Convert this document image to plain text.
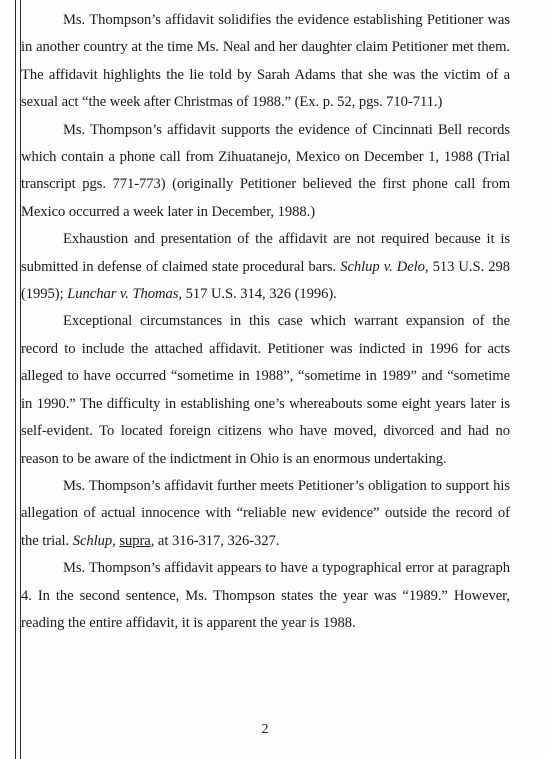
Ms. Thompson’s affidavit solidifies the evidence establishing Petitioner was in another country at the time Ms. Neal and her daughter claim Petitioner met them. The affidavit highlights the lie told by Sarah Adams that she was the victim of a sexual act “the week after Christmas of 1988.” (Ex. p. 52, pgs. 710-711.)

Ms. Thompson’s affidavit supports the evidence of Cincinnati Bell records which contain a phone call from Zihuatanejo, Mexico on December 1, 1988 (Trial transcript pgs. 771-773) (originally Petitioner believed the first phone call from Mexico occurred a week later in December, 1988.)

Exhaustion and presentation of the affidavit are not required because it is submitted in defense of claimed state procedural bars. Schlup v. Delo, 513 U.S. 298 (1995); Lunchar v. Thomas, 517 U.S. 314, 326 (1996).

Exceptional circumstances in this case which warrant expansion of the record to include the attached affidavit. Petitioner was indicted in 1996 for acts alleged to have occurred “sometime in 1988”, “sometime in 1989” and “sometime in 1990.” The difficulty in establishing one’s whereabouts some eight years later is self-evident. To located foreign citizens who have moved, divorced and had no reason to be aware of the indictment in Ohio is an enormous undertaking.

Ms. Thompson’s affidavit further meets Petitioner’s obligation to support his allegation of actual innocence with “reliable new evidence” outside the record of the trial. Schlup, supra, at 316-317, 326-327.

Ms. Thompson’s affidavit appears to have a typographical error at paragraph 4. In the second sentence, Ms. Thompson states the year was “1989.” However, reading the entire affidavit, it is apparent the year is 1988.

2
